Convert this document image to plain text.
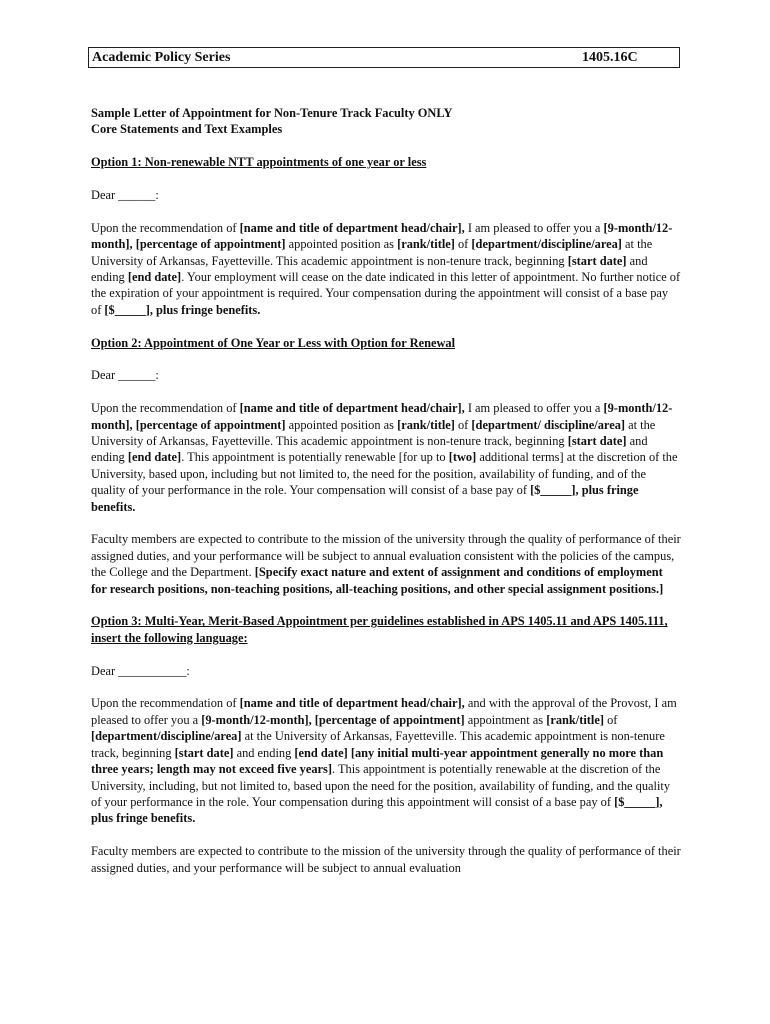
Academic Policy Series	1405.16C
Sample Letter of Appointment for Non-Tenure Track Faculty ONLY
Core Statements and Text Examples
Option 1: Non-renewable NTT appointments of one year or less

Dear ______:

Upon the recommendation of [name and title of department head/chair], I am pleased to offer you a [9-month/12-month], [percentage of appointment] appointed position as [rank/title] of [department/discipline/area] at the University of Arkansas, Fayetteville. This academic appointment is non-tenure track, beginning [start date] and ending [end date]. Your employment will cease on the date indicated in this letter of appointment. No further notice of the expiration of your appointment is required. Your compensation during the appointment will consist of a base pay of [$_____], plus fringe benefits.

Option 2: Appointment of One Year or Less with Option for Renewal

Dear ______:

Upon the recommendation of [name and title of department head/chair], I am pleased to offer you a [9-month/12-month], [percentage of appointment] appointed position as [rank/title] of [department/ discipline/area] at the University of Arkansas, Fayetteville. This academic appointment is non-tenure track, beginning [start date] and ending [end date]. This appointment is potentially renewable [for up to [two] additional terms] at the discretion of the University, based upon, including but not limited to, the need for the position, availability of funding, and of the quality of your performance in the role. Your compensation will consist of a base pay of [$_____], plus fringe benefits.

Faculty members are expected to contribute to the mission of the university through the quality of performance of their assigned duties, and your performance will be subject to annual evaluation consistent with the policies of the campus, the College and the Department. [Specify exact nature and extent of assignment and conditions of employment for research positions, non-teaching positions, all-teaching positions, and other special assignment positions.]

Option 3: Multi-Year, Merit-Based Appointment per guidelines established in APS 1405.11 and APS 1405.111, insert the following language:

Dear ___________:

Upon the recommendation of [name and title of department head/chair], and with the approval of the Provost, I am pleased to offer you a [9-month/12-month], [percentage of appointment] appointment as [rank/title] of [department/discipline/area] at the University of Arkansas, Fayetteville. This academic appointment is non-tenure track, beginning [start date] and ending [end date] [any initial multi-year appointment generally no more than three years; length may not exceed five years]. This appointment is potentially renewable at the discretion of the University, including, but not limited to, based upon the need for the position, availability of funding, and the quality of your performance in the role. Your compensation during this appointment will consist of a base pay of [$_____], plus fringe benefits.

Faculty members are expected to contribute to the mission of the university through the quality of performance of their assigned duties, and your performance will be subject to annual evaluation
